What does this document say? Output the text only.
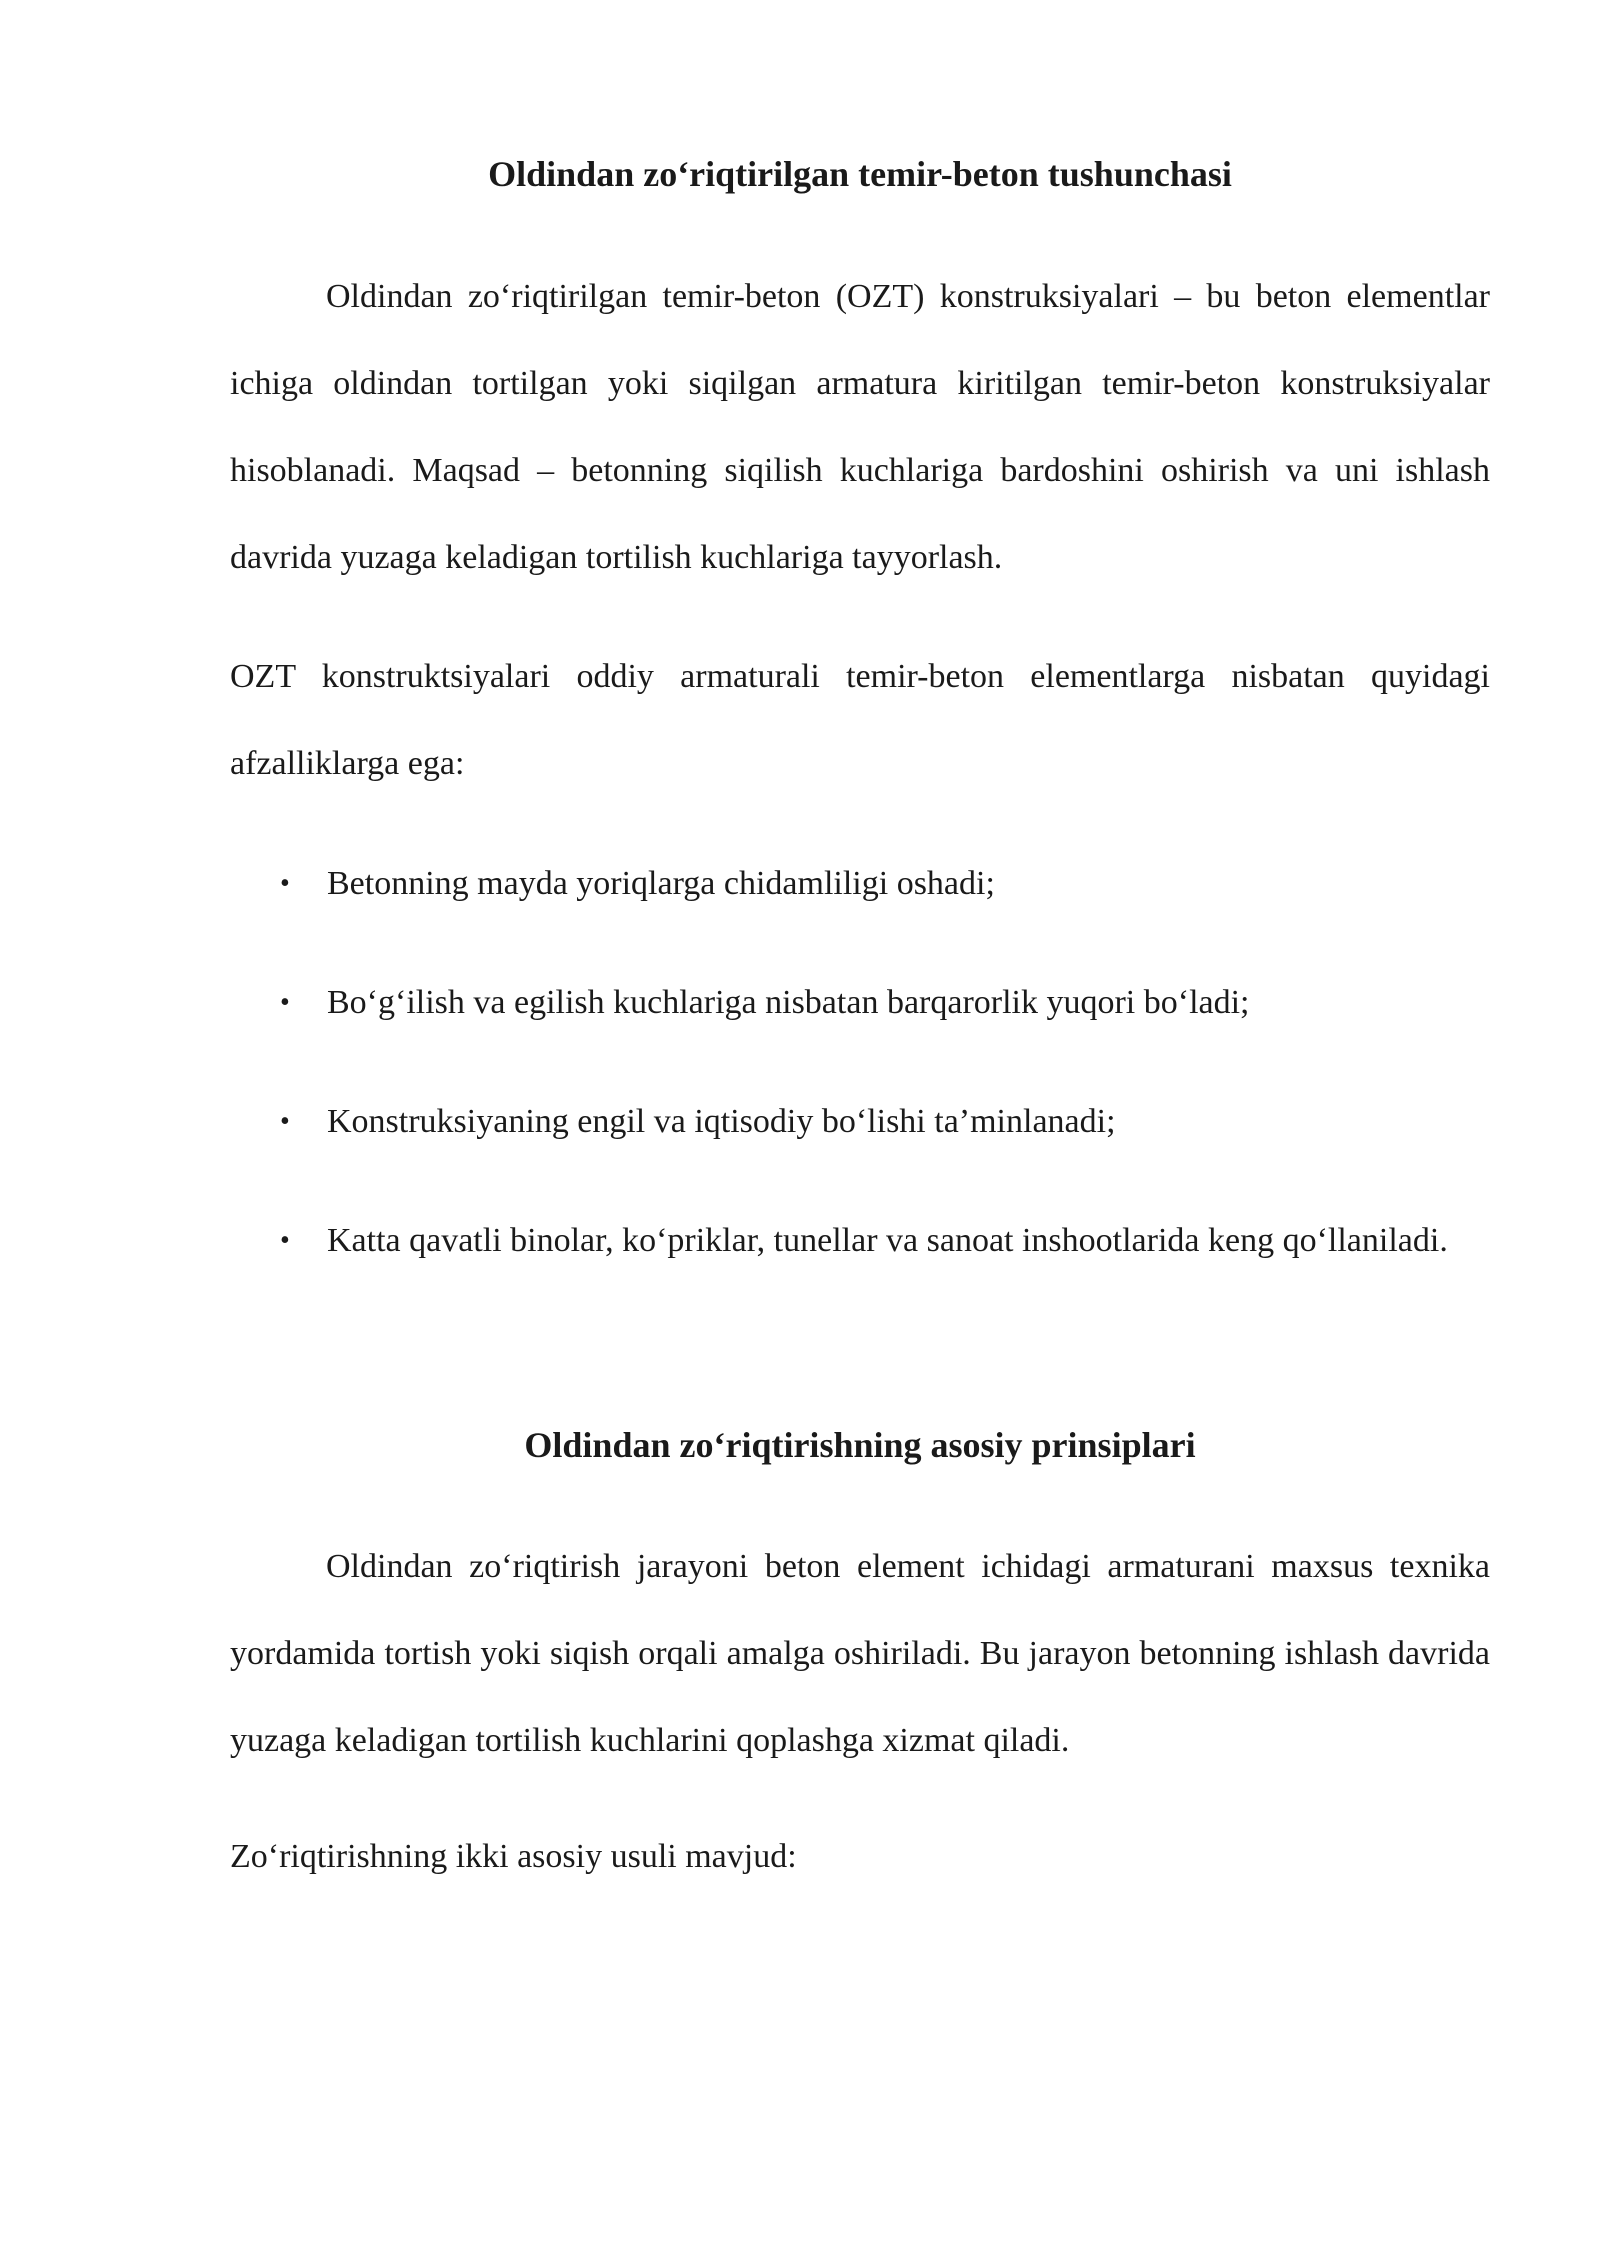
Oldindan zo‘riqtirilgan temir-beton tushunchasi

Oldindan zo‘riqtirilgan temir-beton (OZT) konstruksiyalari – bu beton elementlar ichiga oldindan tortilgan yoki siqilgan armatura kiritilgan temir-beton konstruksiyalar hisoblanadi. Maqsad – betonning siqilish kuchlariga bardoshini oshirish va uni ishlash davrida yuzaga keladigan tortilish kuchlariga tayyorlash.

OZT konstruktsiyalari oddiy armaturali temir-beton elementlarga nisbatan quyidagi afzalliklarga ega:

• Betonning mayda yoriqlarga chidamliligi oshadi;
• Bo‘g‘ilish va egilish kuchlariga nisbatan barqarorlik yuqori bo‘ladi;
• Konstruksiyaning engil va iqtisodiy bo‘lishi ta’minlanadi;
• Katta qavatli binolar, ko‘priklar, tunellar va sanoat inshootlarida keng qo‘llaniladi.
Oldindan zo‘riqtirishning asosiy prinsiplari

Oldindan zo‘riqtirish jarayoni beton element ichidagi armaturani maxsus texnika yordamida tortish yoki siqish orqali amalga oshiriladi. Bu jarayon betonning ishlash davrida yuzaga keladigan tortilish kuchlarini qoplashga xizmat qiladi.

Zo‘riqtirishning ikki asosiy usuli mavjud:
